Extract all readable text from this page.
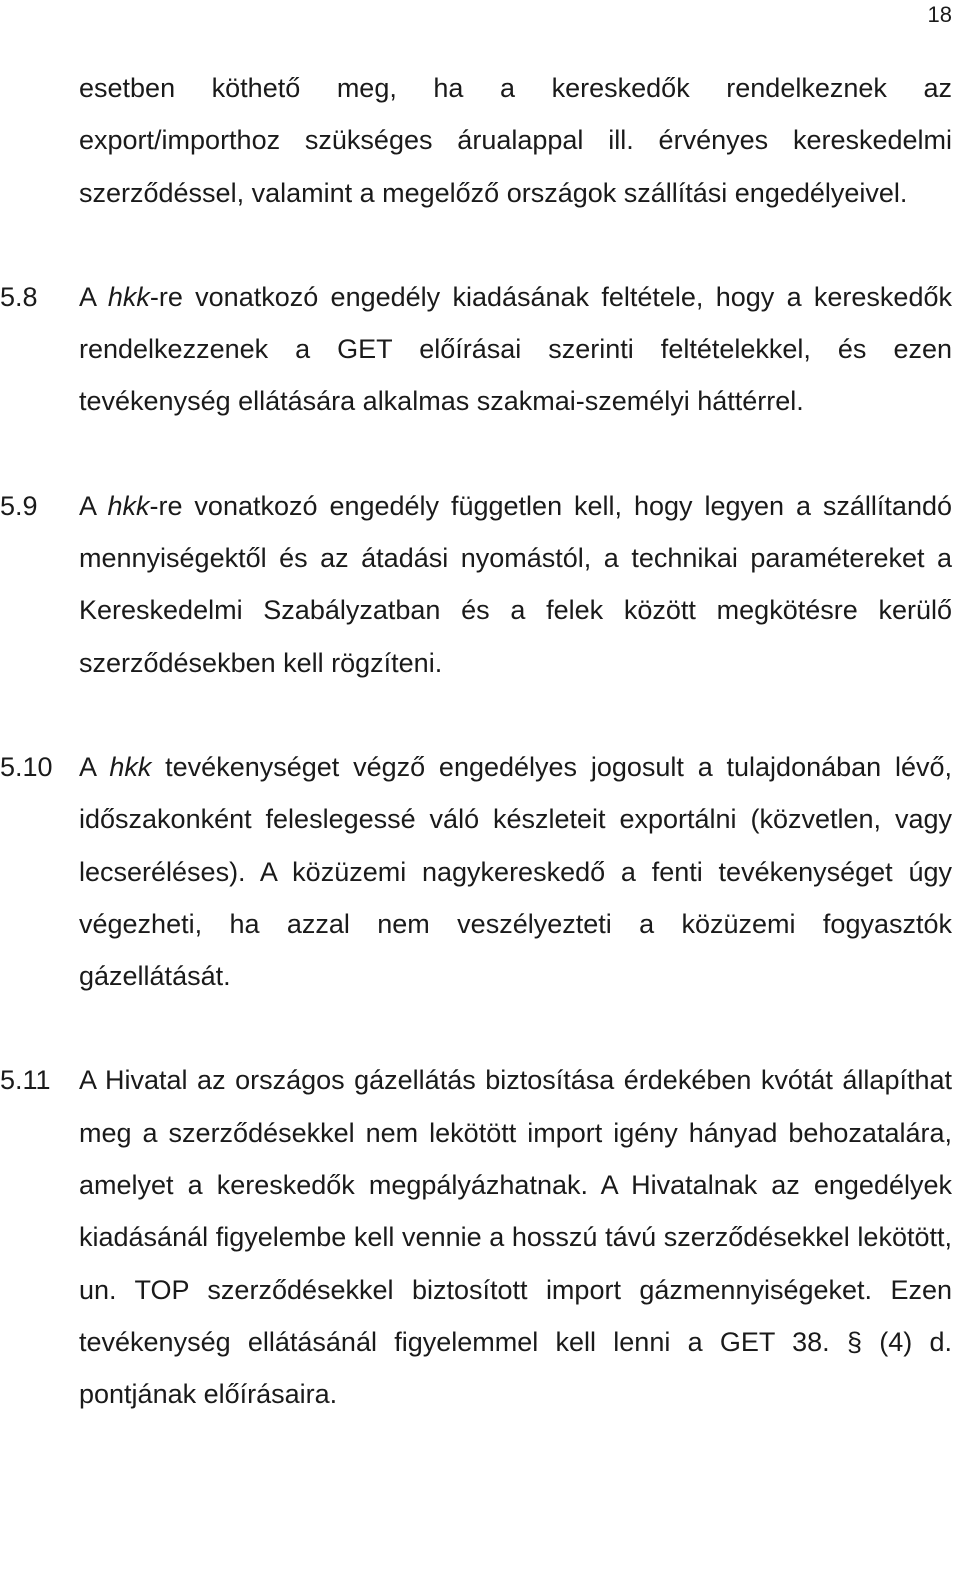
18

esetben köthető meg, ha a kereskedők rendelkeznek az export/importhoz szükséges árualappal ill. érvényes kereskedelmi szerződéssel, valamint a megelőző országok szállítási engedélyeivel.

5.8 A hkk-re vonatkozó engedély kiadásának feltétele, hogy a kereskedők rendelkezzenek a GET előírásai szerinti feltételekkel, és ezen tevékenység ellátására alkalmas szakmai-személyi háttérrel.

5.9 A hkk-re vonatkozó engedély független kell, hogy legyen a szállítandó mennyiségektől és az átadási nyomástól, a technikai paramétereket a Kereskedelmi Szabályzatban és a felek között megkötésre kerülő szerződésekben kell rögzíteni.

5.10 A hkk tevékenységet végző engedélyes jogosult a tulajdonában lévő, időszakonként feleslegessé váló készleteit exportálni (közvetlen, vagy lecseréléses). A közüzemi nagykereskedő a fenti tevékenységet úgy végezheti, ha azzal nem veszélyezteti a közüzemi fogyasztók gázellátását.

5.11 A Hivatal az országos gázellátás biztosítása érdekében kvótát állapíthat meg a szerződésekkel nem lekötött import igény hányad behozatalára, amelyet a kereskedők megpályázhatnak. A Hivatalnak az engedélyek kiadásánál figyelembe kell vennie a hosszú távú szerződésekkel lekötött, un. TOP szerződésekkel biztosított import gázmennyiségeket. Ezen tevékenység ellátásánál figyelemmel kell lenni a GET 38. § (4) d. pontjának előírásaira.
